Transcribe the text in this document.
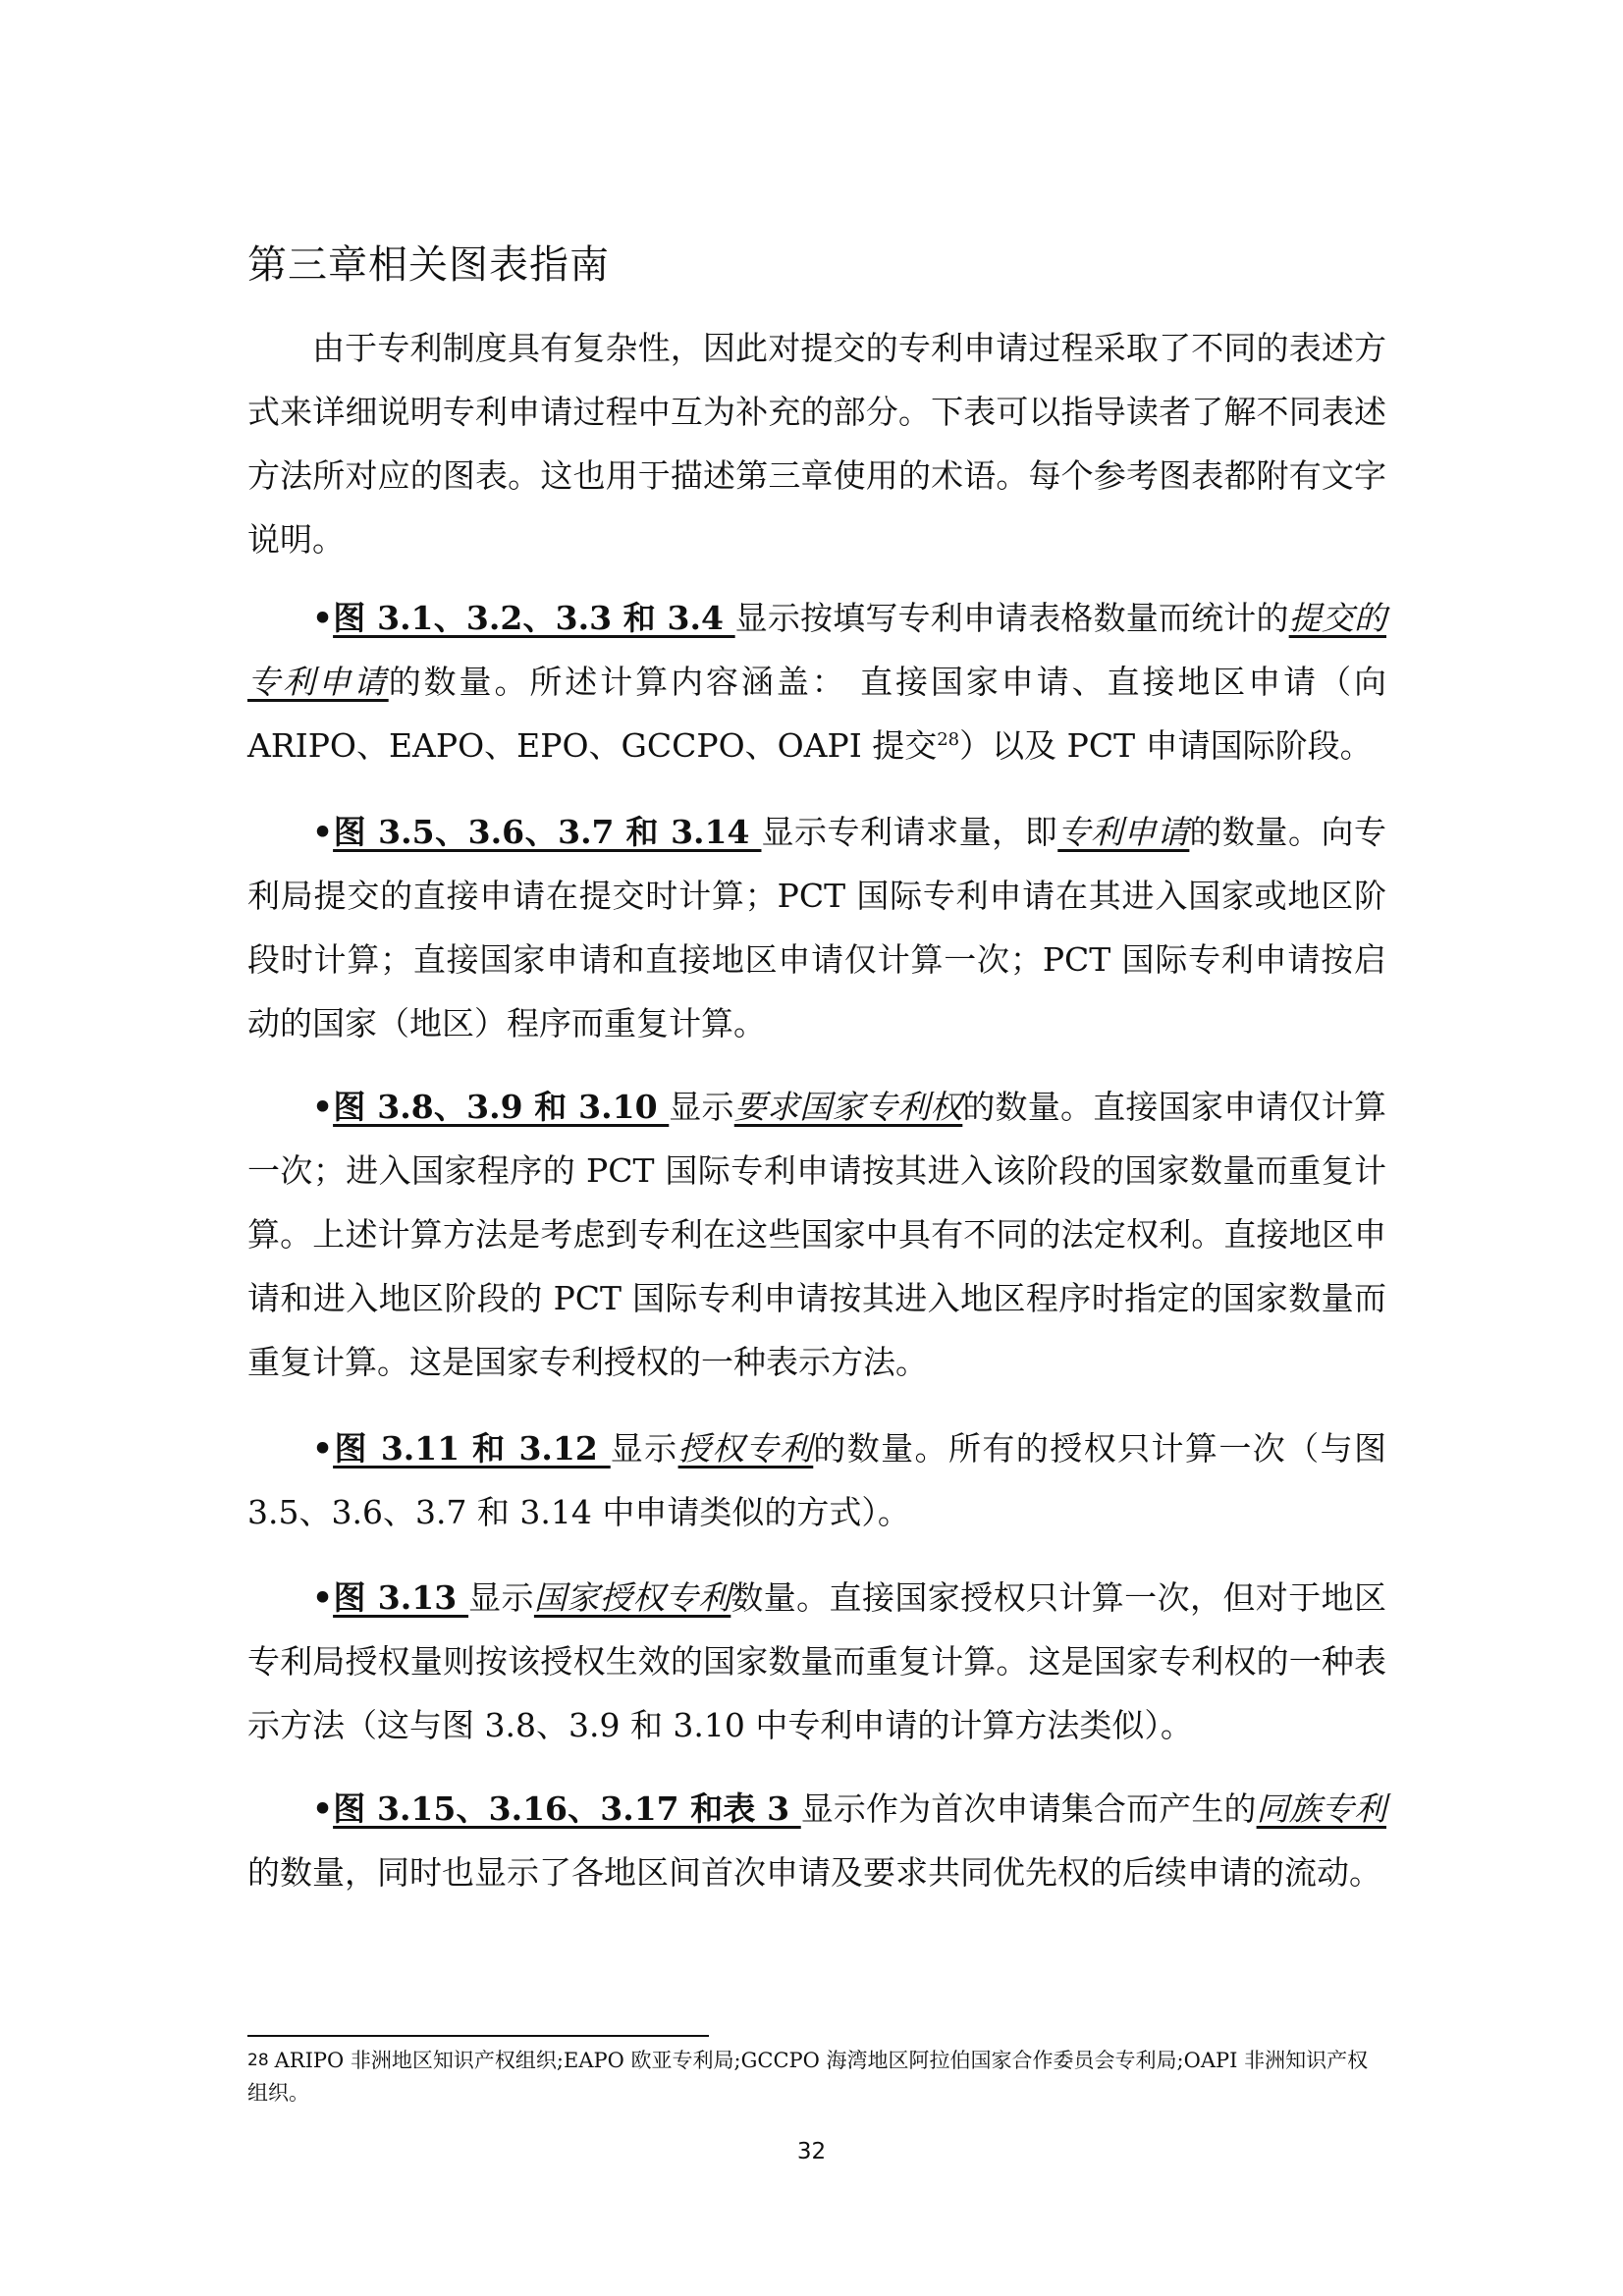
第三章相关图表指南

由于专利制度具有复杂性，因此对提交的专利申请过程采取了不同的表述方式来详细说明专利申请过程中互为补充的部分。下表可以指导读者了解不同表述方法所对应的图表。这也用于描述第三章使用的术语。每个参考图表都附有文字说明。

•图 3.1、3.2、3.3 和 3.4 显示按填写专利申请表格数量而统计的提交的专利申请的数量。所述计算内容涵盖： 直接国家申请、直接地区申请（向 ARIPO、EAPO、EPO、GCCPO、OAPI 提交$^{28}$）以及 PCT 申请国际阶段。

•图 3.5、3.6、3.7 和 3.14 显示专利请求量，即专利申请的数量。向专利局提交的直接申请在提交时计算；PCT 国际专利申请在其进入国家或地区阶段时计算；直接国家申请和直接地区申请仅计算一次；PCT 国际专利申请按启动的国家（地区）程序而重复计算。

•图 3.8、3.9 和 3.10 显示要求国家专利权的数量。直接国家申请仅计算一次；进入国家程序的 PCT 国际专利申请按其进入该阶段的国家数量而重复计算。上述计算方法是考虑到专利在这些国家中具有不同的法定权利。直接地区申请和进入地区阶段的 PCT 国际专利申请按其进入地区程序时指定的国家数量而重复计算。这是国家专利授权的一种表示方法。

•图 3.11 和 3.12 显示授权专利的数量。所有的授权只计算一次（与图 3.5、3.6、3.7 和 3.14 中申请类似的方式）。

•图 3.13 显示国家授权专利数量。直接国家授权只计算一次，但对于地区专利局授权量则按该授权生效的国家数量而重复计算。这是国家专利权的一种表示方法（这与图 3.8、3.9 和 3.10 中专利申请的计算方法类似）。

•图 3.15、3.16、3.17 和表 3 显示作为首次申请集合而产生的同族专利的数量，同时也显示了各地区间首次申请及要求共同优先权的后续申请的流动。

28 ARIPO 非洲地区知识产权组织;EAPO 欧亚专利局;GCCPO 海湾地区阿拉伯国家合作委员会专利局;OAPI 非洲知识产权组织。

32
